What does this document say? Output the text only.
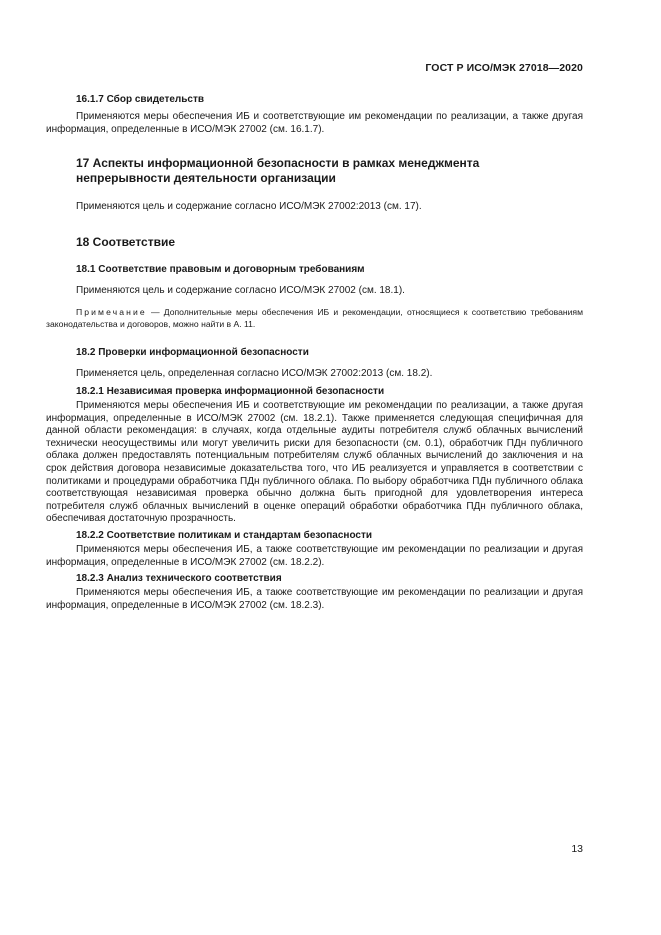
ГОСТ Р ИСО/МЭК 27018—2020
16.1.7 Сбор свидетельств

Применяются меры обеспечения ИБ и соответствующие им рекомендации по реализации, а также другая информация, определенные в ИСО/МЭК 27002 (см. 16.1.7).

17 Аспекты информационной безопасности в рамках менеджмента
непрерывности деятельности организации

Применяются цель и содержание согласно ИСО/МЭК 27002:2013 (см. 17).

18 Соответствие
18.1 Соответствие правовым и договорным требованиям

Применяются цель и содержание согласно ИСО/МЭК 27002 (см. 18.1).

Примечание — Дополнительные меры обеспечения ИБ и рекомендации, относящиеся к соответствию требованиям законодательства и договоров, можно найти в А. 11.

18.2 Проверки информационной безопасности

Применяется цель, определенная согласно ИСО/МЭК 27002:2013 (см. 18.2).

18.2.1 Независимая проверка информационной безопасности

Применяются меры обеспечения ИБ и соответствующие им рекомендации по реализации, а также другая информация, определенные в ИСО/МЭК 27002 (см. 18.2.1). Также применяется следующая специфичная для данной области рекомендация: в случаях, когда отдельные аудиты потребителя служб облачных вычислений технически неосуществимы или могут увеличить риски для безопасности (см. 0.1), обработчик ПДн публичного облака должен предоставлять потенциальным потребителям служб облачных вычислений до заключения и на срок действия договора независимые доказательства того, что ИБ реализуется и управляется в соответствии с политиками и процедурами обработчика ПДн публичного облака. По выбору обработчика ПДн публичного облака соответствующая независимая проверка обычно должна быть пригодной для удовлетворения интереса потребителя служб облачных вычислений в оценке операций обработки обработчика ПДн публичного облака, обеспечивая достаточную прозрачность.

18.2.2 Соответствие политикам и стандартам безопасности

Применяются меры обеспечения ИБ, а также соответствующие им рекомендации по реализации и другая информация, определенные в ИСО/МЭК 27002 (см. 18.2.2).

18.2.3 Анализ технического соответствия

Применяются меры обеспечения ИБ, а также соответствующие им рекомендации по реализации и другая информация, определенные в ИСО/МЭК 27002 (см. 18.2.3).

13
